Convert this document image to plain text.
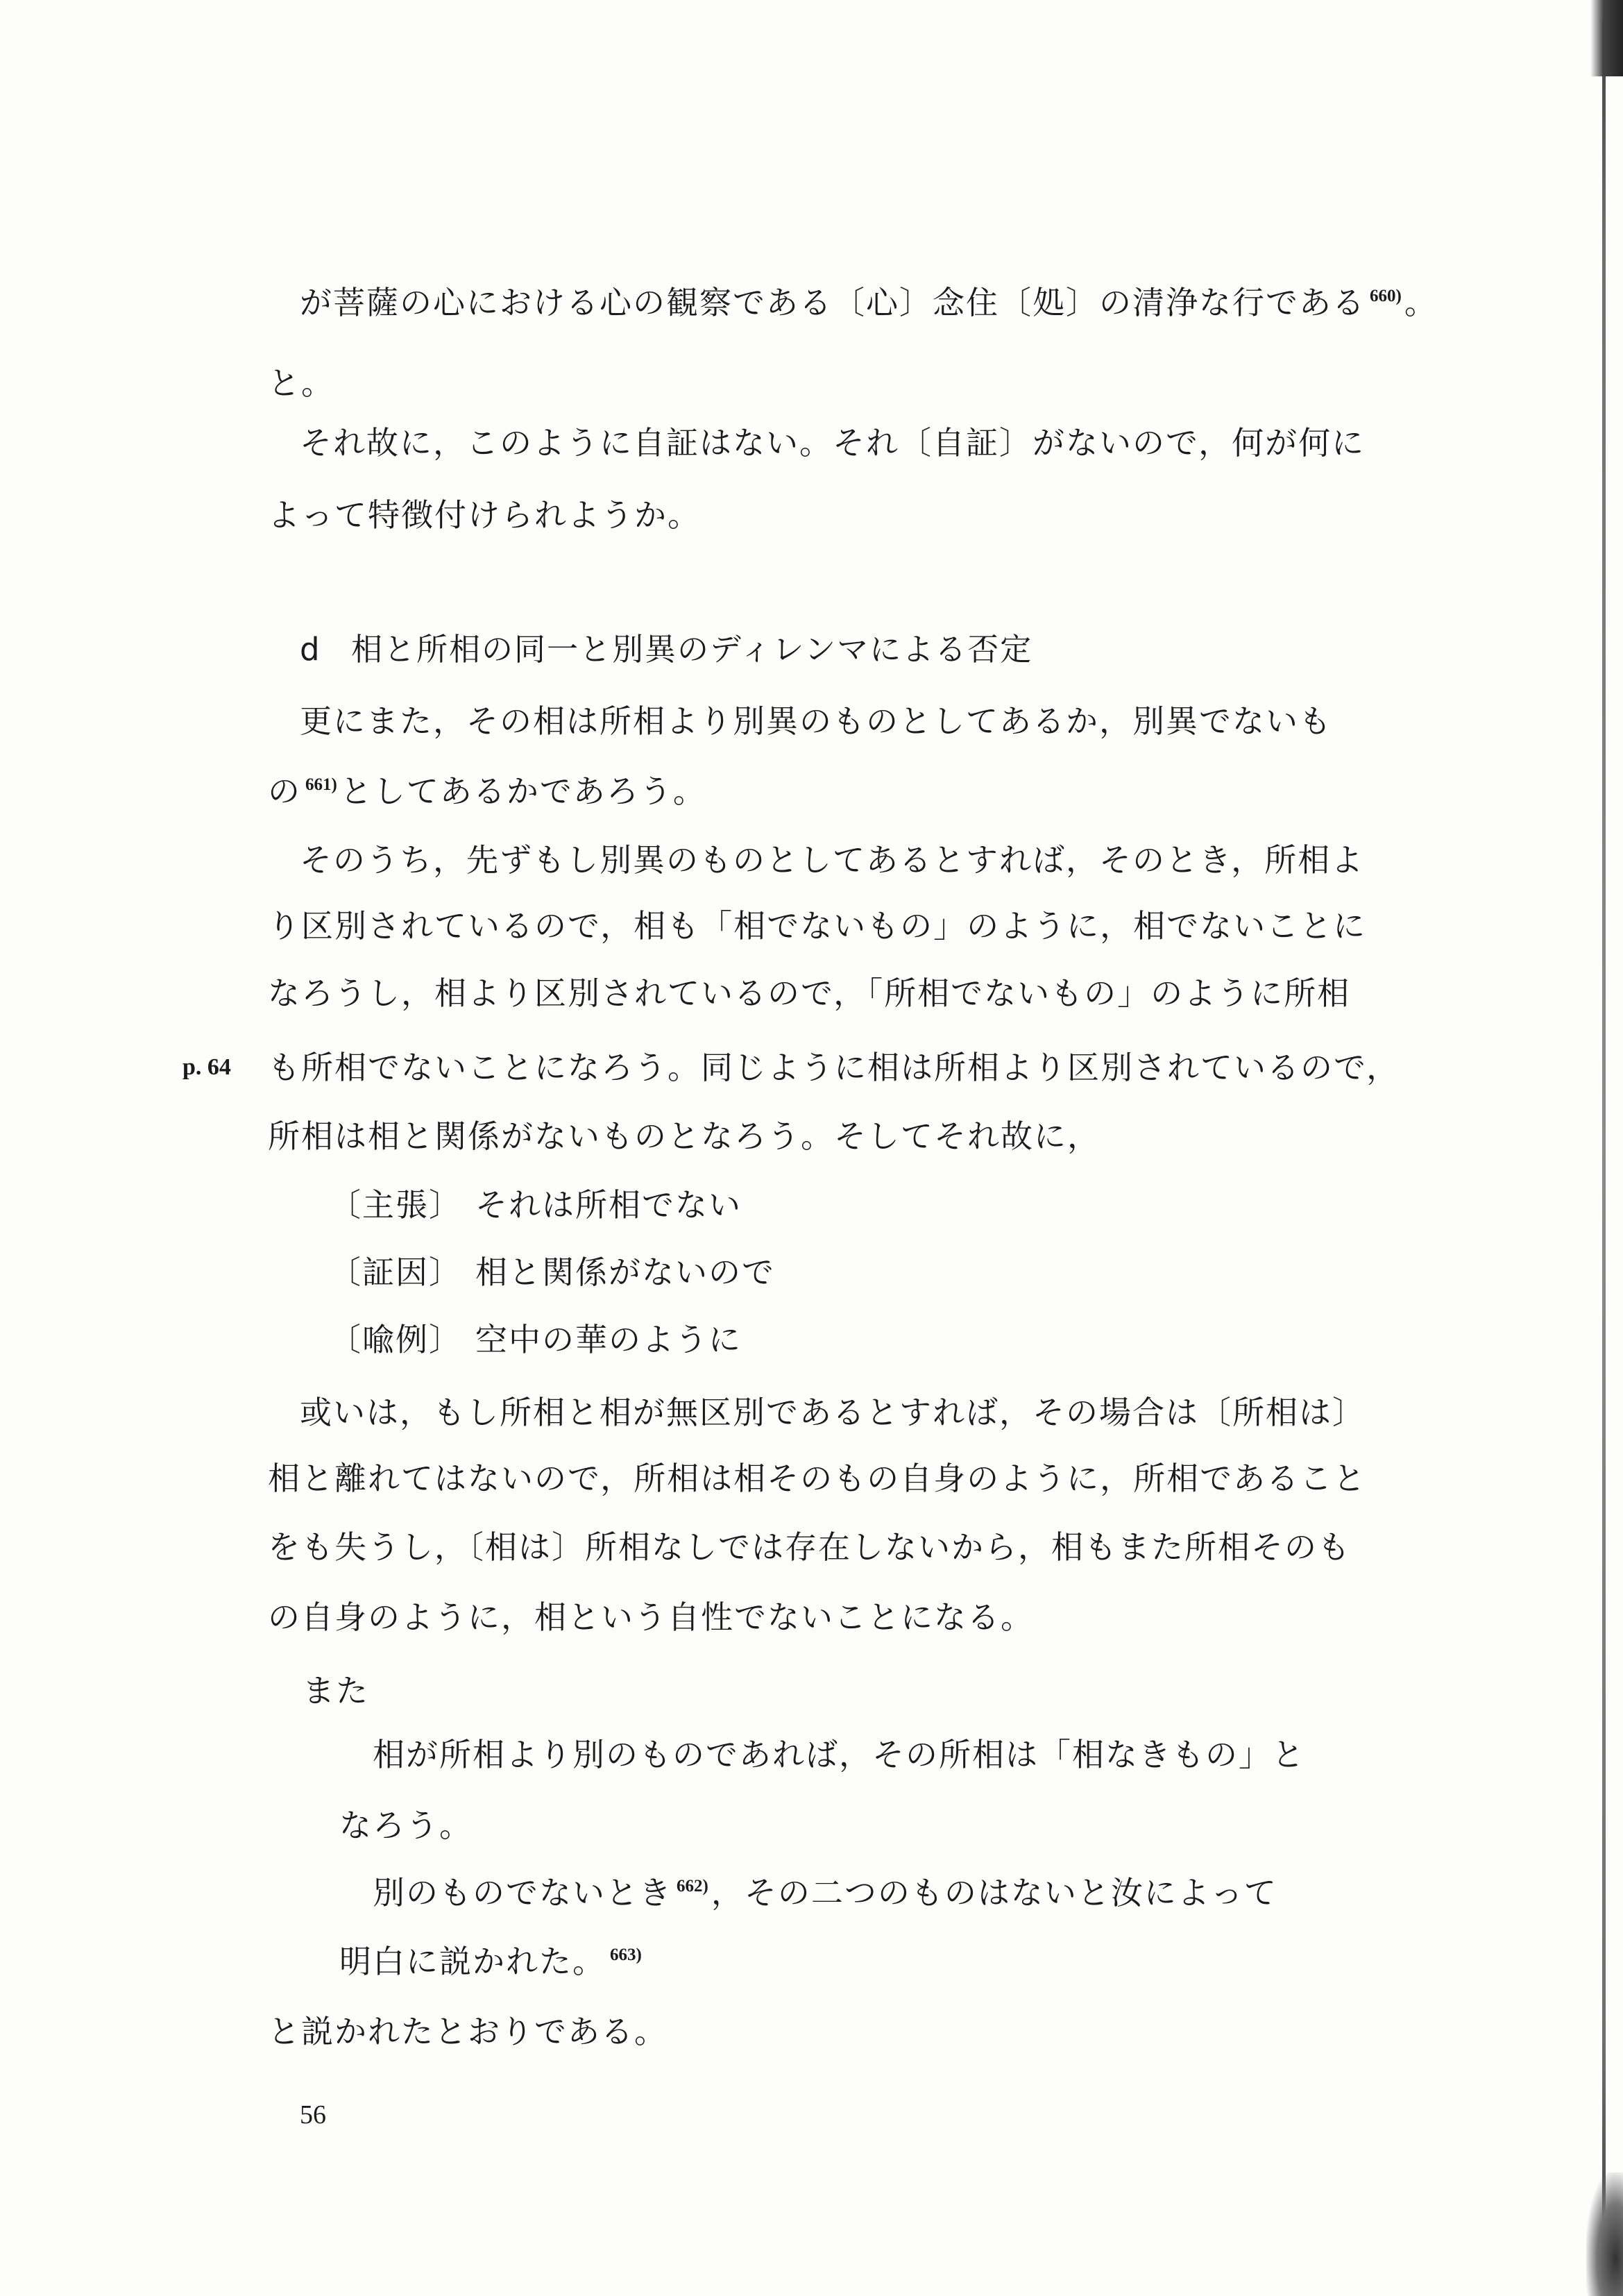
が菩薩の心における心の観察である〔心〕念住〔処〕の清浄な行である $^{660)}$。
と。
それ故に，このように自証はない。それ〔自証〕がないので，何が何に
よって特徴付けられようか。
d 相と所相の同一と別異のディレンマによる否定
更にまた，その相は所相より別異のものとしてあるか，別異でないも
の $^{661)}$としてあるかであろう。
そのうち，先ずもし別異のものとしてあるとすれば，そのとき，所相よ
り区別されているので，相も「相でないもの」のように，相でないことに
なろうし，相より区別されているので，「所相でないもの」のように所相
p. 64 も所相でないことになろう。同じように相は所相より区別されているので，
所相は相と関係がないものとなろう。そしてそれ故に，
〔主張〕 それは所相でない
〔証因〕 相と関係がないので
〔喩例〕 空中の華のように
或いは，もし所相と相が無区別であるとすれば，その場合は〔所相は〕
相と離れてはないので，所相は相そのもの自身のように，所相であること
をも失うし，〔相は〕所相なしでは存在しないから，相もまた所相そのも
の自身のように，相という自性でないことになる。
また
相が所相より別のものであれば，その所相は「相なきもの」と
なろう。
別のものでないとき $^{662)}$，その二つのものはないと汝によって
明白に説かれた。 $^{663)}$
と説かれたとおりである。
56
